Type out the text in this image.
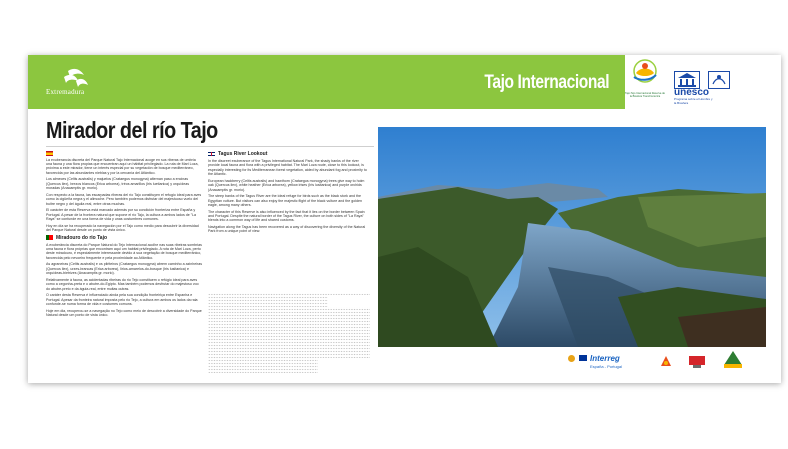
Extremadura	Tajo Internacional
Tajo-Tejo Internacional Reserva de la Biosfera Transfronteriza	unesco
Programa sobre el Hombre y la Biosfera
Mirador del río Tajo

La exuberancia discreta del Parque Natural Tajo Internacional acoge en sus riberas de umbría una fauna y una flora propias que encuentran aquí un hábitat privilegiado. La ruta de Mari Loza, próxima a este mirador, tiene un interés especial por su vegetación de bosque mediterráneo, favorecida por las abundantes nieblas y por la cercanía del Atlántico.

Los almeces (Celtis australis) y majuelos (Crataegus monogyna) alternan paso a encinas (Quercus ilex), brezos blancos (Erica arborea), tréos amarillos (Iris luetianica) y orquídeas moradas (Anacamptis gr. morio).

Con respecto a la fauna, las escarpadas riberas del río Tajo constituyen el refugio ideal para aves como la cigüeña negra y el alimoche. Pero también podemos disfrutar del majestuoso vuelo del buitre negro y del águila real, entre otras muchas.

El carácter de esta Reserva está marcado además por su condición fronteriza entre España y Portugal. A pesar de la frontera natural que supone el río Tajo, la cultura a ambos lados de "La Raya" se confunde en una forma de vida y unas costumbres comunes.

Hoy en día se ha recuperado la navegación por el Tajo como medio para descubrir la diversidad del Parque Natural desde un punto de vista único.

Miradouro do rio Tajo

A exuberância discreta do Parque Natural do Tejo Internacional acolhe nas suas ribeiras sombrias uma fauna e flora próprias que encontram aqui um habitat privilegiado. A rota de Mari Loza, perto deste miradouro, é especialmente interessante devido à sua vegetação de bosque mediterrânico, favorecida pelo nevoeiro frequente e pela proximidade ao Atlântico.

As agraneiras (Celtis australis) e os pilriteiros (Crataegus monogyna) abrem caminho a azinheiras (Quercus ilex), urzes-brancas (Erica arborea), lírios-amarelos-do-bosque (Iris lusitanica) e orquídeas-bietrizes (Anacamptis gr. morio).

Relativamente à fauna, as acidentadas ribeiras do rio Tejo constituem o refúgio ideal para aves como a cegonha-preta e o abutre-do-Egipto. Mas também podemos desfrutar do majestoso voo do abutre-preto e da águia-real, entre muitas outras.

O caráter desta Reserva é influenciado ainda pela sua condição fronteiriça entre Espanha e Portugal. Apesar da fronteira natural imposta pelo rio Tejo, a cultura em ambos os lados da raia confunde-se numa forma de vida e costumes comuns.

Hoje em dia, recuperou-se a navegação no Tejo como meio de descobrir a diversidade do Parque Natural desde um ponto de vista único.

Tagus River Lookout

In the discreet exuberance of the Tagus International Natural Park, the shady banks of the river provide local fauna and flora with a privileged habitat. The Mari Loza route, close to this lookout, is especially interesting for its Mediterranean forest vegetation, aided by abundant fog and proximity to the Atlantic.

European hackberry (Celtis australis) and hawthorn (Crataegus monogyna) trees give way to holm oak (Quercus ilex), white heather (Erica arborea), yellow irises (Iris lusitanica) and purple orchids (Anacamptis gr. morio).

The steep banks of the Tagus River are the ideal refuge for birds such as the black stork and the Egyptian vulture. But visitors can also enjoy the majestic flight of the black vulture and the golden eagle, among many others.

The character of this Reserve is also influenced by the fact that it lies on the border between Spain and Portugal. Despite the natural border of the Tagus River, the culture on both sides of "La Raya" blends into a common way of life and shared customs.

Navigation along the Tagus has been recovered as a way of discovering the diversity of the Natural Park from a unique point of view.

Interreg
España - Portugal
